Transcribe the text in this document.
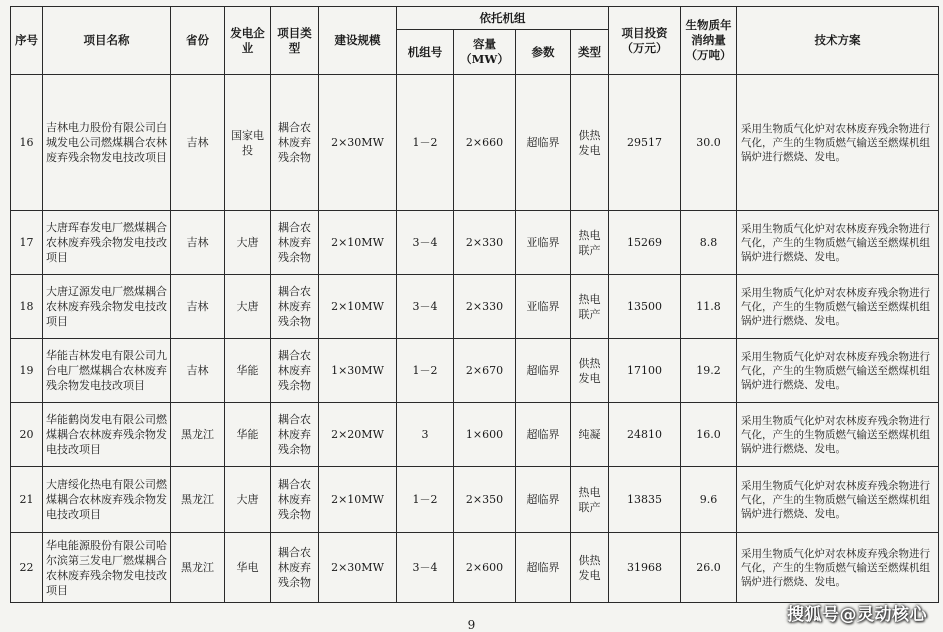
序号	项目名称	省份	发电企业	项目类型	建设规模	依托机组				项目投资（万元）	生物质年消纳量（万吨）	技术方案
						机组号	容量（MW）	参数	类型			
16	吉林电力股份有限公司白城发电公司燃煤耦合农林废弃残余物发电技改项目	吉林	国家电投	耦合农林废弃残余物	2×30MW	1－2	2×660	超临界	供热发电	29517	30.0	采用生物质气化炉对农林废弃残余物进行气化，产生的生物质燃气输送至燃煤机组锅炉进行燃烧、发电。
17	大唐珲春发电厂燃煤耦合农林废弃残余物发电技改项目	吉林	大唐	耦合农林废弃残余物	2×10MW	3－4	2×330	亚临界	热电联产	15269	8.8	采用生物质气化炉对农林废弃残余物进行气化，产生的生物质燃气输送至燃煤机组锅炉进行燃烧、发电。
18	大唐辽源发电厂燃煤耦合农林废弃残余物发电技改项目	吉林	大唐	耦合农林废弃残余物	2×10MW	3－4	2×330	亚临界	热电联产	13500	11.8	采用生物质气化炉对农林废弃残余物进行气化，产生的生物质燃气输送至燃煤机组锅炉进行燃烧、发电。
19	华能吉林发电有限公司九台电厂燃煤耦合农林废弃残余物发电技改项目	吉林	华能	耦合农林废弃残余物	1×30MW	1－2	2×670	超临界	供热发电	17100	19.2	采用生物质气化炉对农林废弃残余物进行气化，产生的生物质燃气输送至燃煤机组锅炉进行燃烧、发电。
20	华能鹤岗发电有限公司燃煤耦合农林废弃残余物发电技改项目	黑龙江	华能	耦合农林废弃残余物	2×20MW	3	1×600	超临界	纯凝	24810	16.0	采用生物质气化炉对农林废弃残余物进行气化，产生的生物质燃气输送至燃煤机组锅炉进行燃烧、发电。
21	大唐绥化热电有限公司燃煤耦合农林废弃残余物发电技改项目	黑龙江	大唐	耦合农林废弃残余物	2×10MW	1－2	2×350	超临界	热电联产	13835	9.6	采用生物质气化炉对农林废弃残余物进行气化，产生的生物质燃气输送至燃煤机组锅炉进行燃烧、发电。
22	华电能源股份有限公司哈尔滨第三发电厂燃煤耦合农林废弃残余物发电技改项目	黑龙江	华电	耦合农林废弃残余物	2×30MW	3－4	2×600	超临界	供热发电	31968	26.0	采用生物质气化炉对农林废弃残余物进行气化，产生的生物质燃气输送至燃煤机组锅炉进行燃烧、发电。
9	搜狐号@灵动核心
